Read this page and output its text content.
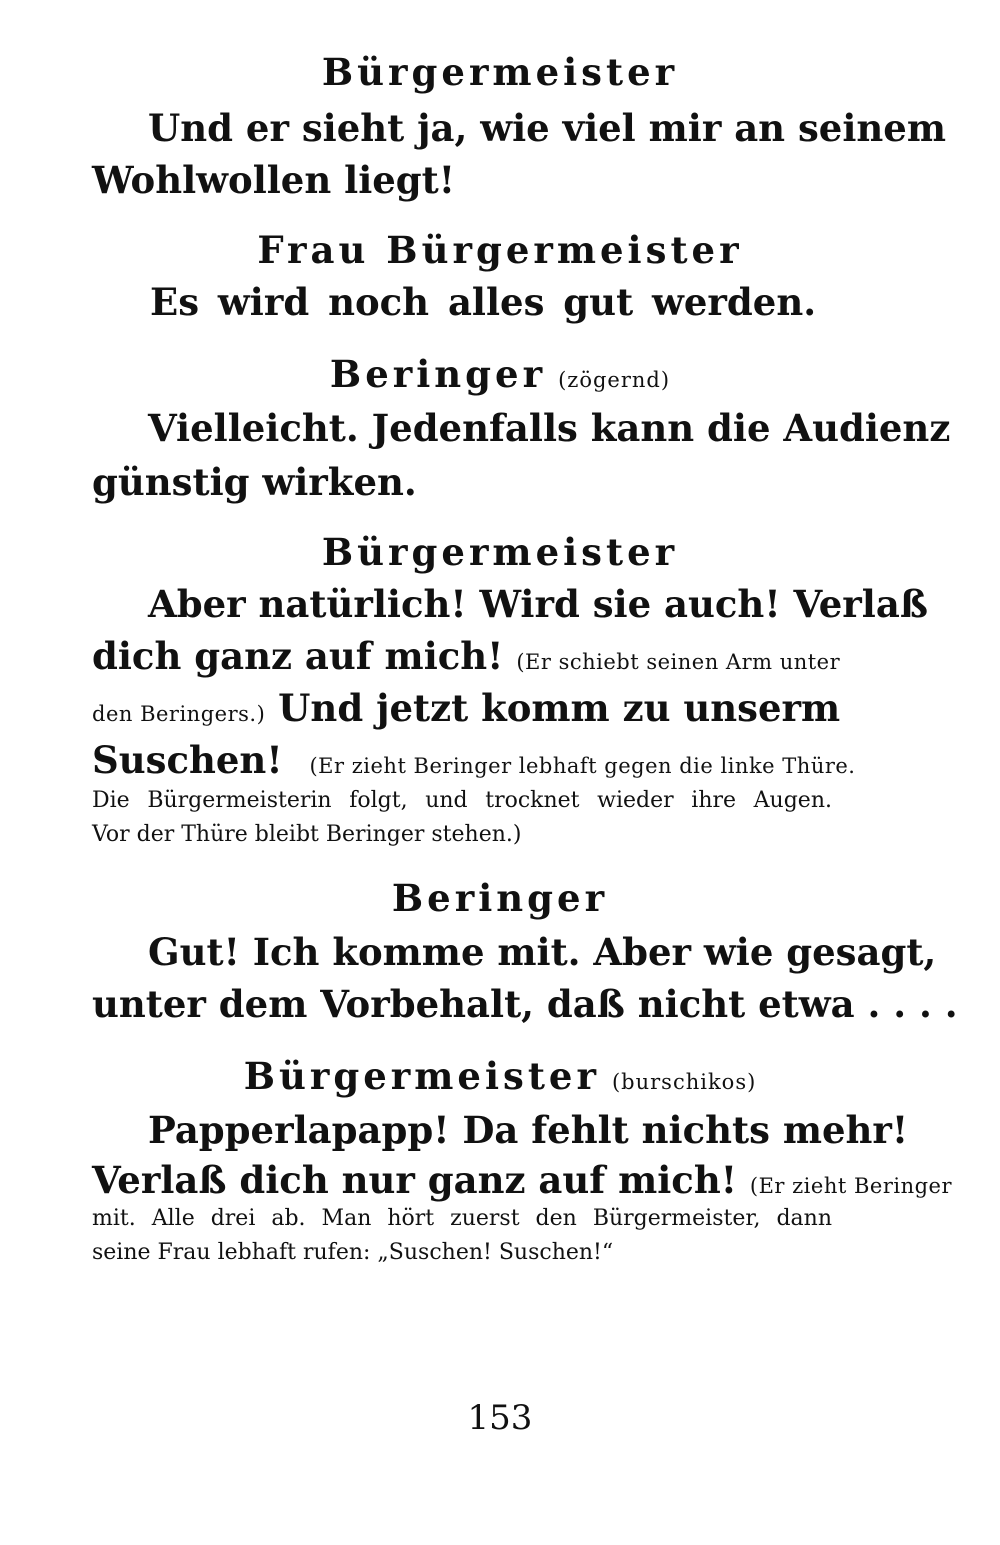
Bürgermeister
Und er sieht ja, wie viel mir an seinem
Wohlwollen liegt!
Frau Bürgermeister
Es wird noch alles gut werden.
Beringer (zögernd)
Vielleicht. Jedenfalls kann die Audienz
günstig wirken.
Bürgermeister
Aber natürlich! Wird sie auch! Verlaß
dich ganz auf mich! (Er schiebt seinen Arm unter
den Beringers.) Und jetzt komm zu unserm
Suschen! (Er zieht Beringer lebhaft gegen die linke Thüre.
Die Bürgermeisterin folgt, und trocknet wieder ihre Augen.
Vor der Thüre bleibt Beringer stehen.)
Beringer
Gut! Ich komme mit. Aber wie gesagt,
unter dem Vorbehalt, daß nicht etwa . . . .
Bürgermeister (burschikos)
Papperlapapp! Da fehlt nichts mehr!
Verlaß dich nur ganz auf mich! (Er zieht Beringer
mit. Alle drei ab. Man hört zuerst den Bürgermeister, dann
seine Frau lebhaft rufen: „Suschen! Suschen!“
153
